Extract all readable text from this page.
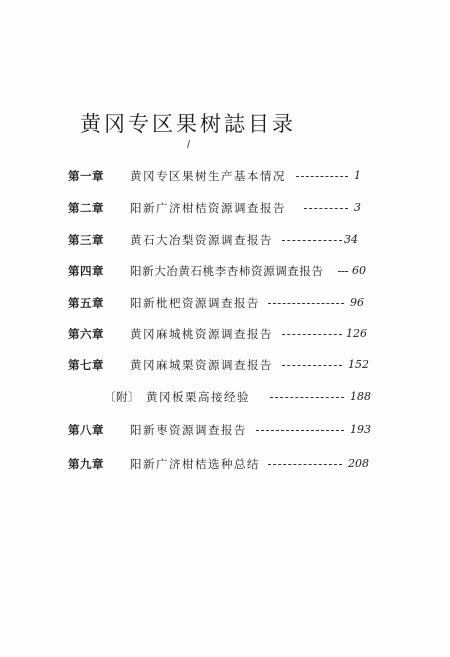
黄冈专区果树誌目录
第一章 黄冈专区果树生产基本情况	1
第二章 阳新广济柑桔资源调查报告	3
第三章 黄石大冶梨资源调查报告	34
第四章 阳新大冶黄石桃李杏柿资源调查报告	60
第五章 阳新枇杷资源调查报告	96
第六章 黄冈麻城桃资源调查报告	126
第七章 黄冈麻城栗资源调查报告	152
〔附〕 黄冈板栗高接经验	188
第八章 阳新枣资源调查报告	193
第九章 阳新广济柑桔选种总结	208
